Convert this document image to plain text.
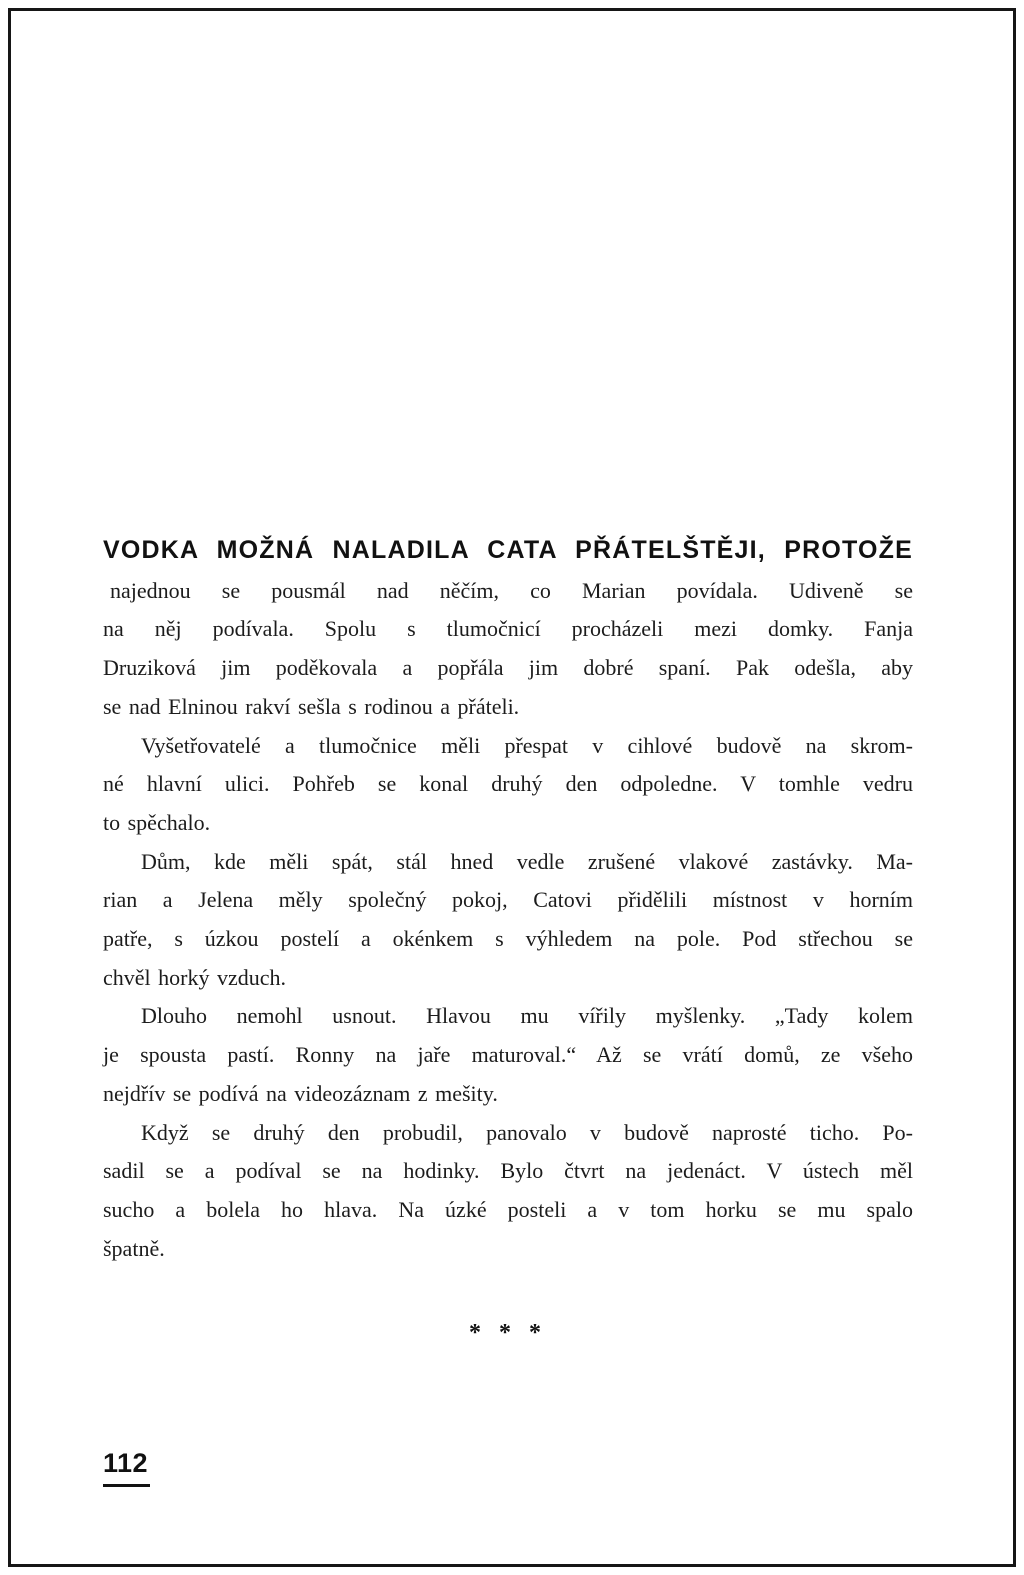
VODKA MOŽNÁ NALADILA CATA PŘÁTELŠTĚJI, PROTOŽE
najednou se pousmál nad něčím, co Marian povídala. Udiveně se
na něj podívala. Spolu s tlumočnicí procházeli mezi domky. Fanja
Druziková jim poděkovala a popřála jim dobré spaní. Pak odešla, aby
se nad Elninou rakví sešla s rodinou a přáteli.
Vyšetřovatelé a tlumočnice měli přespat v cihlové budově na skrom-
né hlavní ulici. Pohřeb se konal druhý den odpoledne. V tomhle vedru
to spěchalo.
Dům, kde měli spát, stál hned vedle zrušené vlakové zastávky. Ma-
rian a Jelena měly společný pokoj, Catovi přidělili místnost v horním
patře, s úzkou postelí a okénkem s výhledem na pole. Pod střechou se
chvěl horký vzduch.
Dlouho nemohl usnout. Hlavou mu vířily myšlenky. „Tady kolem
je spousta pastí. Ronny na jaře maturoval.“ Až se vrátí domů, ze všeho
nejdřív se podívá na videozáznam z mešity.
Když se druhý den probudil, panovalo v budově naprosté ticho. Po-
sadil se a podíval se na hodinky. Bylo čtvrt na jedenáct. V ústech měl
sucho a bolela ho hlava. Na úzké posteli a v tom horku se mu spalo
špatně.
* * *
112
